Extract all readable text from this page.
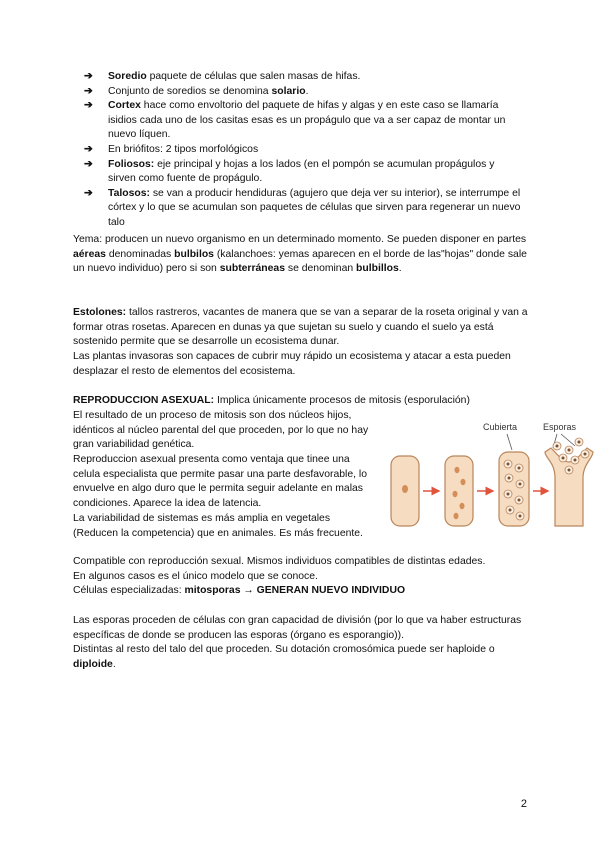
➔ Soredio paquete de células que salen masas de hifas.
➔ Conjunto de soredios se denomina solario.
➔ Cortex hace como envoltorio del paquete de hifas y algas y en este caso se llamaría isidios cada uno de los casitas esas es un propágulo que va a ser capaz de montar un nuevo líquen.
➔ En briófitos: 2 tipos morfológicos
➔ Foliosos: eje principal y hojas a los lados (en el pompón se acumulan propágulos y sirven como fuente de propágulo.
➔ Talosos: se van a producir hendiduras (agujero que deja ver su interior), se interrumpe el córtex y lo que se acumulan son paquetes de células que sirven para regenerar un nuevo talo
Yema: producen un nuevo organismo en un determinado momento. Se pueden disponer en partes aéreas denominadas bulbilos (kalanchoes: yemas aparecen en el borde de las"hojas" donde sale un nuevo individuo) pero si son subterráneas se denominan bulbillos.
Estolones: tallos rastreros, vacantes de manera que se van a separar de la roseta original y van a formar otras rosetas. Aparecen en dunas ya que sujetan su suelo y cuando el suelo ya está sostenido permite que se desarrolle un ecosistema dunar.
Las plantas invasoras son capaces de cubrir muy rápido un ecosistema y atacar a esta pueden desplazar el resto de elementos del ecosistema.
REPRODUCCION ASEXUAL: Implica únicamente procesos de mitosis (esporulación)
El resultado de un proceso de mitosis son dos núcleos hijos, idénticos al núcleo parental del que proceden, por lo que no hay gran variabilidad genética.
Reproduccion asexual presenta como ventaja que tinee una celula especialista que permite pasar una parte desfavorable, lo envuelve en algo duro que le permita seguir adelante en malas condiciones. Aparece la idea de latencia.
La variabilidad de sistemas es más amplia en vegetales (Reducen la competencia) que en animales. Es más frecuente.
Compatible con reproducción sexual. Mismos individuos compatibles de distintas edades.
En algunos casos es el único modelo que se conoce.
Células especializadas: mitosporas → GENERAN NUEVO INDIVIDUO
Las esporas proceden de células con gran capacidad de división (por lo que va haber estructuras específicas de donde se producen las esporas (órgano es esporangio)).
Distintas al resto del talo del que proceden. Su dotación cromosómica puede ser haploide o diploide.
Cubierta	Esporas
2
